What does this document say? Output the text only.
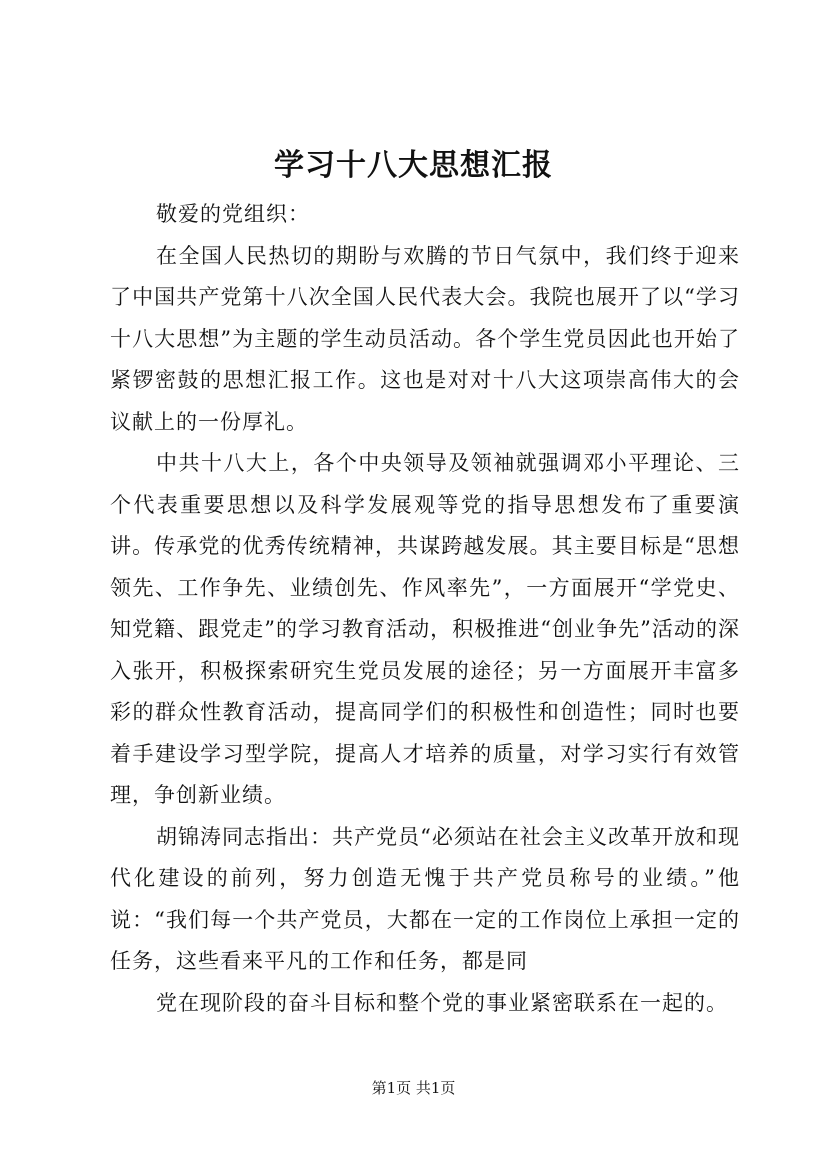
学习十八大思想汇报

敬爱的党组织：

在全国人民热切的期盼与欢腾的节日气氛中，我们终于迎来了中国共产党第十八次全国人民代表大会。我院也展开了以“学习十八大思想”为主题的学生动员活动。各个学生党员因此也开始了紧锣密鼓的思想汇报工作。这也是对对十八大这项崇高伟大的会议献上的一份厚礼。

中共十八大上，各个中央领导及领袖就强调邓小平理论、三个代表重要思想以及科学发展观等党的指导思想发布了重要演讲。传承党的优秀传统精神，共谋跨越发展。其主要目标是“思想领先、工作争先、业绩创先、作风率先”，一方面展开“学党史、知党籍、跟党走”的学习教育活动，积极推进“创业争先”活动的深入张开，积极探索研究生党员发展的途径；另一方面展开丰富多彩的群众性教育活动，提高同学们的积极性和创造性；同时也要着手建设学习型学院，提高人才培养的质量，对学习实行有效管理，争创新业绩。

胡锦涛同志指出：共产党员“必须站在社会主义改革开放和现代化建设的前列，努力创造无愧于共产党员称号的业绩。”他说：“我们每一个共产党员，大都在一定的工作岗位上承担一定的任务，这些看来平凡的工作和任务，都是同

党在现阶段的奋斗目标和整个党的事业紧密联系在一起的。

第1页 共1页
